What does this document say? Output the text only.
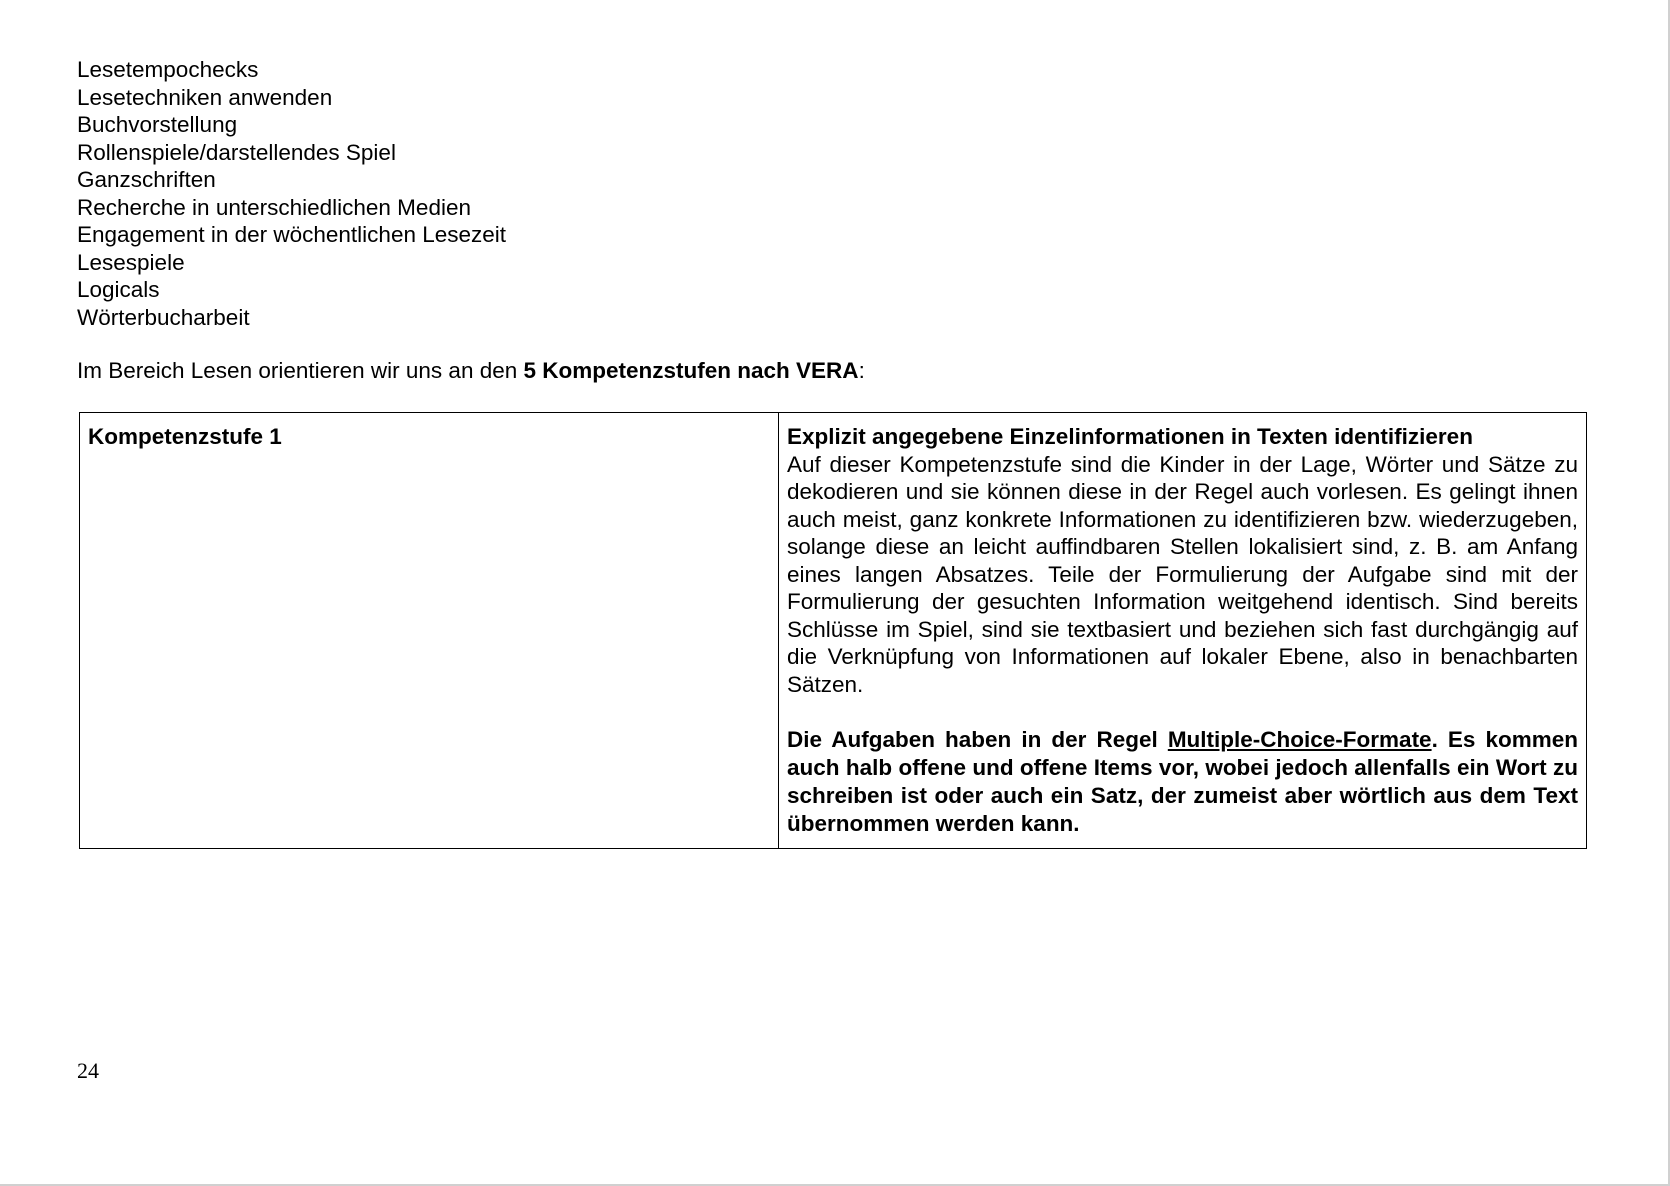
Lesetempochecks
Lesetechniken anwenden
Buchvorstellung
Rollenspiele/darstellendes Spiel
Ganzschriften
Recherche in unterschiedlichen Medien
Engagement in der wöchentlichen Lesezeit
Lesespiele
Logicals
Wörterbucharbeit

Im Bereich Lesen orientieren wir uns an den 5 Kompetenzstufen nach VERA:

Kompetenzstufe 1	Explizit angegebene Einzelinformationen in Texten identifizieren
Auf dieser Kompetenzstufe sind die Kinder in der Lage, Wörter und Sätze zu dekodieren und sie können diese in der Regel auch vorlesen. Es gelingt ihnen auch meist, ganz konkrete Informationen zu identifizieren bzw. wiederzugeben, solange diese an leicht auffindbaren Stellen lokalisiert sind, z. B. am Anfang eines langen Absatzes. Teile der Formulierung der Aufgabe sind mit der Formulierung der gesuchten Information weitgehend identisch. Sind bereits Schlüsse im Spiel, sind sie textbasiert und beziehen sich fast durchgängig auf die Verknüpfung von Informationen auf lokaler Ebene, also in benachbarten Sätzen.
Die Aufgaben haben in der Regel Multiple-Choice-Formate. Es kommen auch halb offene und offene Items vor, wobei jedoch allenfalls ein Wort zu schreiben ist oder auch ein Satz, der zumeist aber wörtlich aus dem Text übernommen werden kann.
24
